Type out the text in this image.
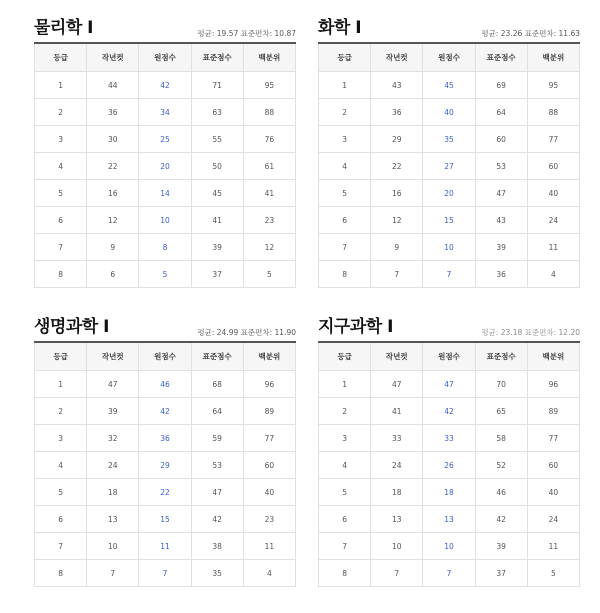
물리학 Ⅰ	평균: 19.57 표준편차: 10.87
등급	작년컷	원점수	표준점수	백분위
1	44	42	71	95
2	36	34	63	88
3	30	25	55	76
4	22	20	50	61
5	16	14	45	41
6	12	10	41	23
7	9	8	39	12
8	6	5	37	5
화학 Ⅰ	평균: 23.26 표준편차: 11.63
등급	작년컷	원점수	표준점수	백분위
1	43	45	69	95
2	36	40	64	88
3	29	35	60	77
4	22	27	53	60
5	16	20	47	40
6	12	15	43	24
7	9	10	39	11
8	7	7	36	4
생명과학 Ⅰ	평균: 24.99 표준편차: 11.90
등급	작년컷	원점수	표준점수	백분위
1	47	46	68	96
2	39	42	64	89
3	32	36	59	77
4	24	29	53	60
5	18	22	47	40
6	13	15	42	23
7	10	11	38	11
8	7	7	35	4
지구과학 Ⅰ	평균: 23.18 표준편차: 12.20
등급	작년컷	원점수	표준점수	백분위
1	47	47	70	96
2	41	42	65	89
3	33	33	58	77
4	24	26	52	60
5	18	18	46	40
6	13	13	42	24
7	10	10	39	11
8	7	7	37	5
